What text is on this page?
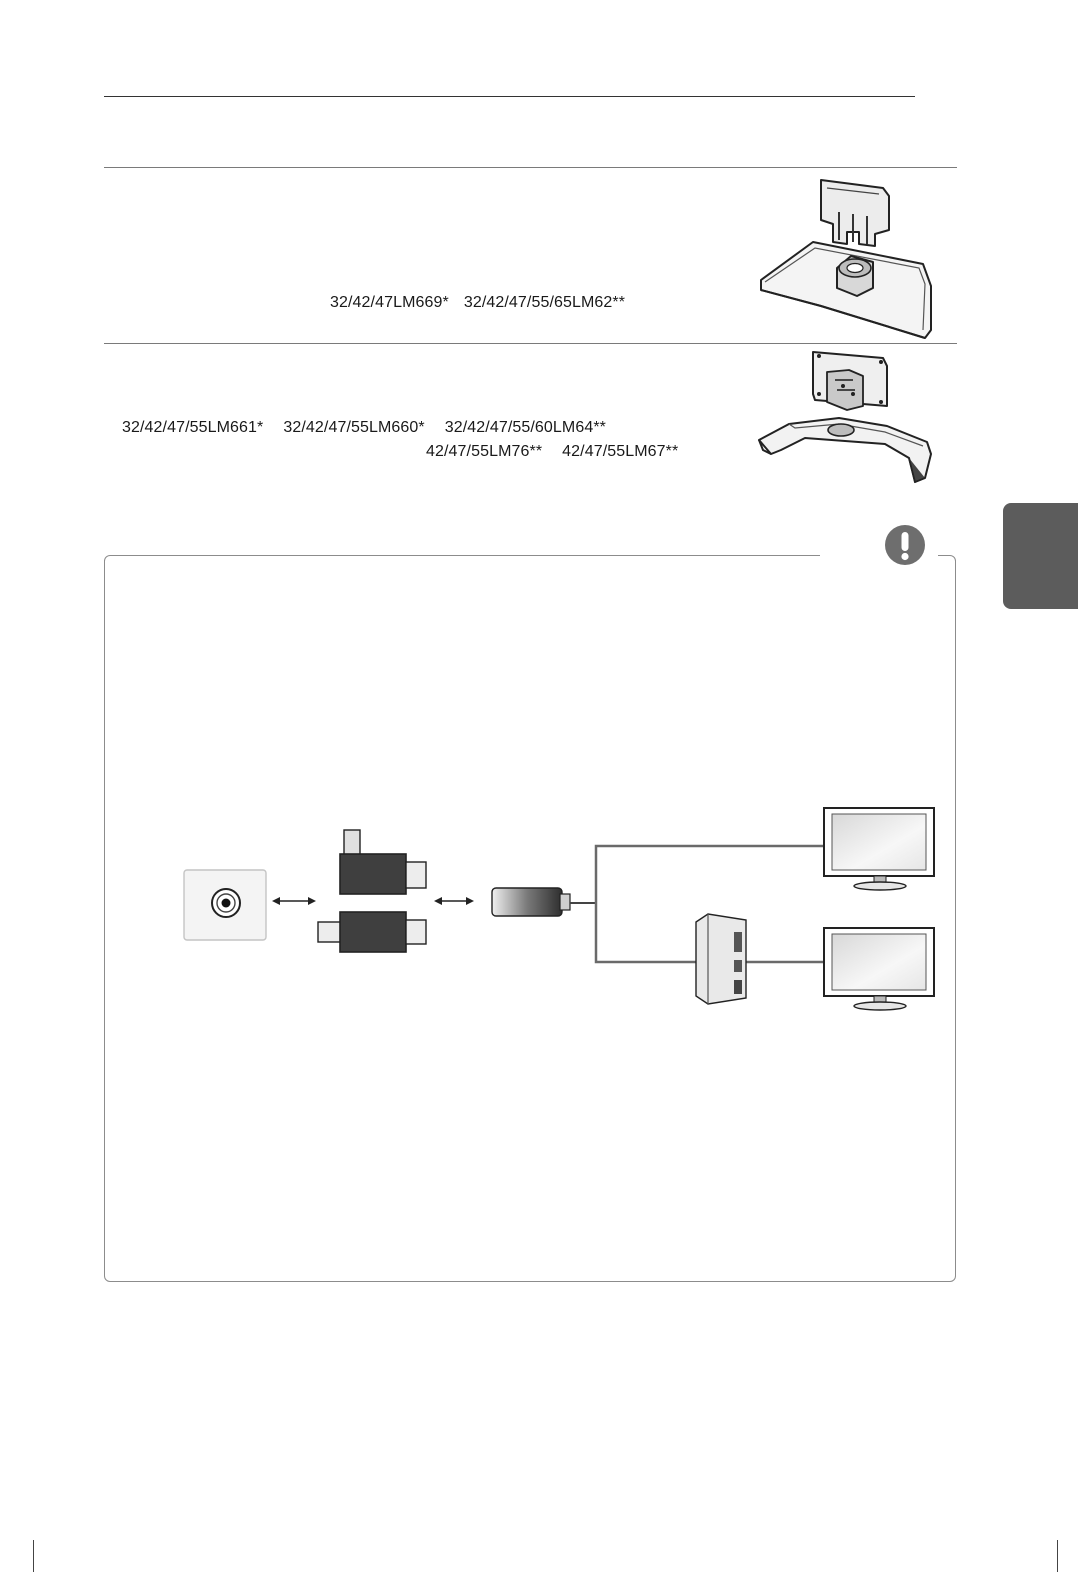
32/42/47LM669* 32/42/47/55/65LM62**
32/42/47/55LM661* 32/42/47/55LM660* 32/42/47/55/60LM64**
42/47/55LM76** 42/47/55LM67**
